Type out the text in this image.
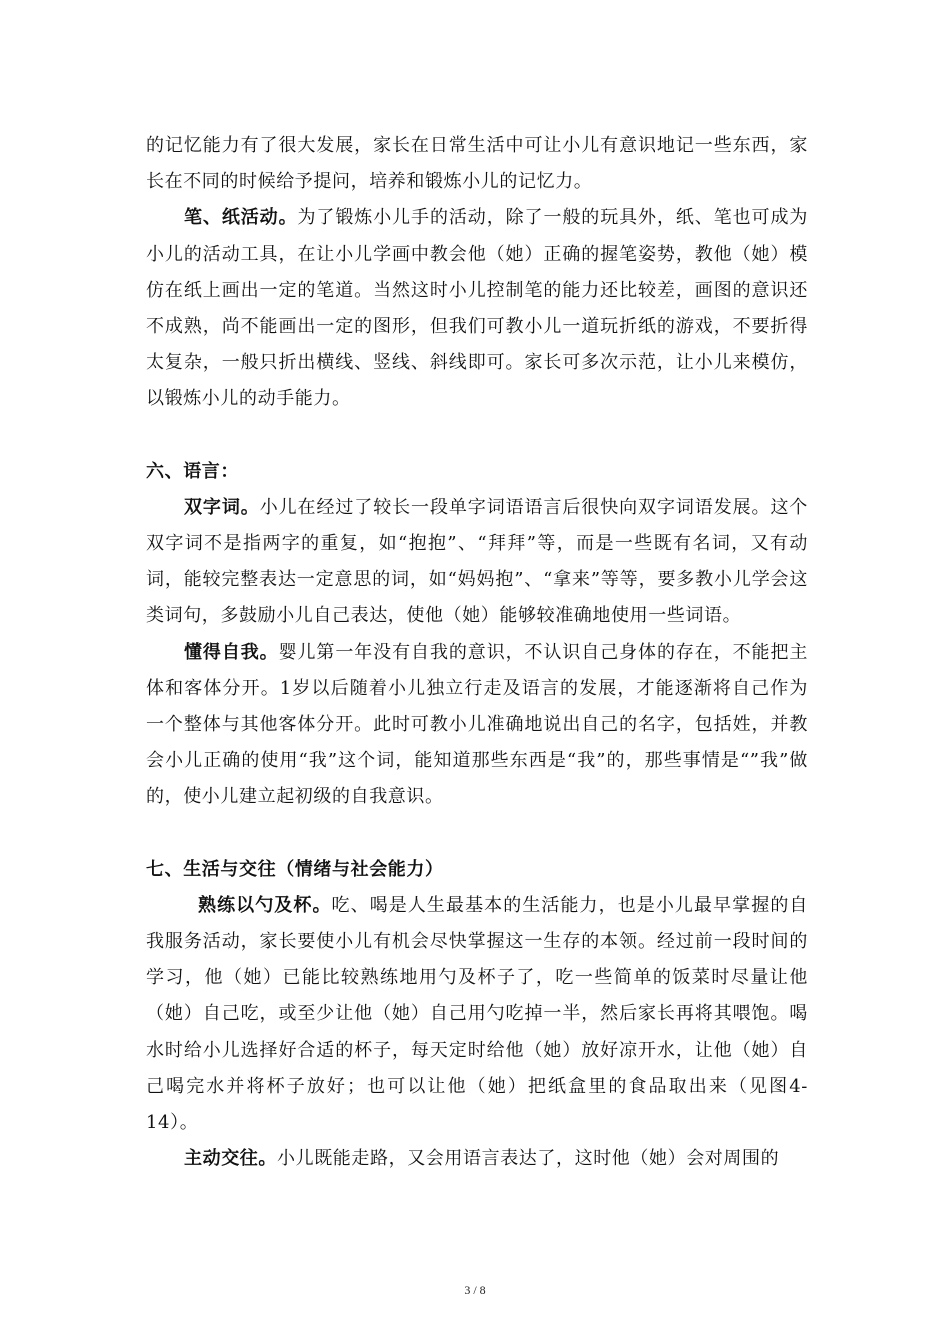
的记忆能力有了很大发展，家长在日常生活中可让小儿有意识地记一些东西，家长在不同的时候给予提问，培养和锻炼小儿的记忆力。

笔、纸活动。为了锻炼小儿手的活动，除了一般的玩具外，纸、笔也可成为小儿的活动工具，在让小儿学画中教会他（她）正确的握笔姿势，教他（她）模仿在纸上画出一定的笔道。当然这时小儿控制笔的能力还比较差，画图的意识还不成熟，尚不能画出一定的图形，但我们可教小儿一道玩折纸的游戏，不要折得太复杂，一般只折出横线、竖线、斜线即可。家长可多次示范，让小儿来模仿，以锻炼小儿的动手能力。

六、语言：

双字词。小儿在经过了较长一段单字词语语言后很快向双字词语发展。这个双字词不是指两字的重复，如“抱抱”、“拜拜”等，而是一些既有名词，又有动词，能较完整表达一定意思的词，如“妈妈抱”、“拿来”等等，要多教小儿学会这类词句，多鼓励小儿自己表达，使他（她）能够较准确地使用一些词语。

懂得自我。婴儿第一年没有自我的意识，不认识自己身体的存在，不能把主体和客体分开。1岁以后随着小儿独立行走及语言的发展，才能逐渐将自己作为一个整体与其他客体分开。此时可教小儿准确地说出自己的名字，包括姓，并教会小儿正确的使用“我”这个词，能知道那些东西是“我”的，那些事情是“”我”做的，使小儿建立起初级的自我意识。

七、生活与交往（情绪与社会能力）

熟练以勺及杯。吃、喝是人生最基本的生活能力，也是小儿最早掌握的自我服务活动，家长要使小儿有机会尽快掌握这一生存的本领。经过前一段时间的学习，他（她）已能比较熟练地用勺及杯子了，吃一些简单的饭菜时尽量让他（她）自己吃，或至少让他（她）自己用勺吃掉一半，然后家长再将其喂饱。喝水时给小儿选择好合适的杯子，每天定时给他（她）放好凉开水，让他（她）自己喝完水并将杯子放好；也可以让他（她）把纸盒里的食品取出来（见图4-14）。

主动交往。小儿既能走路，又会用语言表达了，这时他（她）会对周围的

3 / 8
